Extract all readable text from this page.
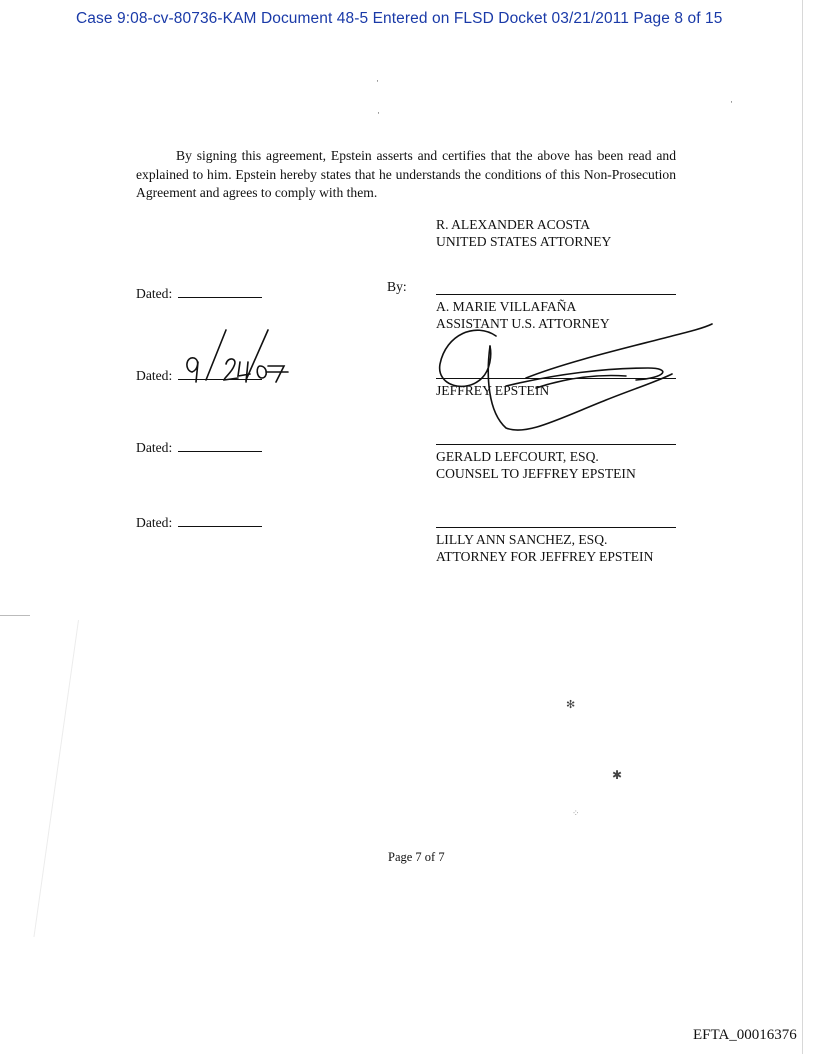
Case 9:08-cv-80736-KAM Document 48-5 Entered on FLSD Docket 03/21/2011 Page 8 of 15
·
·
·
By signing this agreement, Epstein asserts and certifies that the above has been read and explained to him. Epstein hereby states that he understands the conditions of this Non-Prosecution Agreement and agrees to comply with them.
R. ALEXANDER ACOSTA
UNITED STATES ATTORNEY
Dated:	By:
A. MARIE VILLAFAÑA
ASSISTANT U.S. ATTORNEY
Dated:
JEFFREY EPSTEIN
Dated:
GERALD LEFCOURT, ESQ.
COUNSEL TO JEFFREY EPSTEIN
Dated:
LILLY ANN SANCHEZ, ESQ.
ATTORNEY FOR JEFFREY EPSTEIN
✻
✱
⁘
Page 7 of 7
EFTA_00016376
